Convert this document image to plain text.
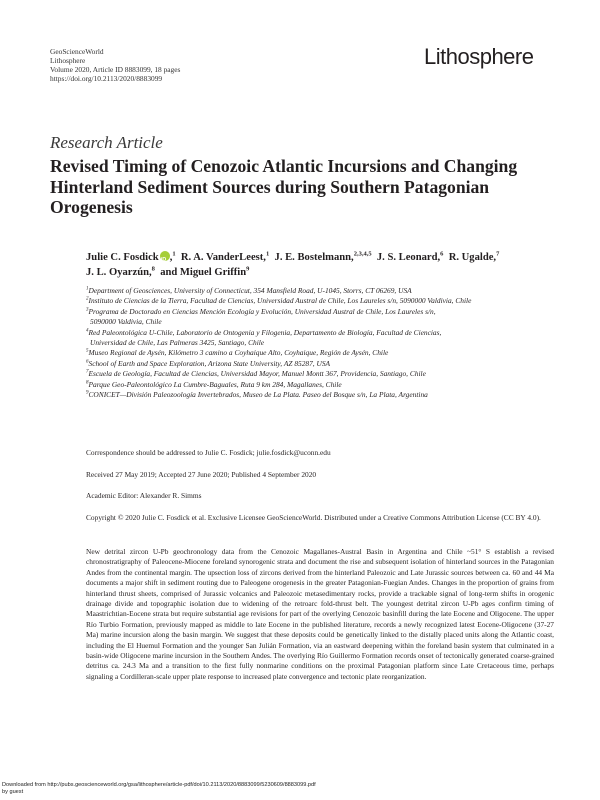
GeoScienceWorld
Lithosphere
Volume 2020, Article ID 8883099, 18 pages
https://doi.org/10.2113/2020/8883099
Lithosphere
Research Article
Revised Timing of Cenozoic Atlantic Incursions and Changing Hinterland Sediment Sources during Southern Patagonian Orogenesis
Julie C. FosdickiD ,$^1$ R. A. VanderLeest,$^1$ J. E. Bostelmann,$^{2,3,4,5}$ J. S. Leonard,$^6$ R. Ugalde,$^7$
J. L. Oyarzún,$^8$ and Miguel Griffin$^9$
$^1$Department of Geosciences, University of Connecticut, 354 Mansfield Road, U-1045, Storrs, CT 06269, USA
$^2$Instituto de Ciencias de la Tierra, Facultad de Ciencias, Universidad Austral de Chile, Los Laureles s/n, 5090000 Valdivia, Chile
$^3$Programa de Doctorado en Ciencias Mención Ecología y Evolución, Universidad Austral de Chile, Los Laureles s/n,
5090000 Valdivia, Chile
$^4$Red Paleontológica U-Chile, Laboratorio de Ontogenia y Filogenia, Departamento de Biología, Facultad de Ciencias,
Universidad de Chile, Las Palmeras 3425, Santiago, Chile
$^5$Museo Regional de Aysén, Kilómetro 3 camino a Coyhaique Alto, Coyhaique, Región de Aysén, Chile
$^6$School of Earth and Space Exploration, Arizona State University, AZ 85287, USA
$^7$Escuela de Geología, Facultad de Ciencias, Universidad Mayor, Manuel Montt 367, Providencia, Santiago, Chile
$^8$Parque Geo-Paleontológico La Cumbre-Baguales, Ruta 9 km 284, Magallanes, Chile
$^9$CONICET—División Paleozoología Invertebrados, Museo de La Plata. Paseo del Bosque s/n, La Plata, Argentina
Correspondence should be addressed to Julie C. Fosdick; julie.fosdick@uconn.edu
Received 27 May 2019; Accepted 27 June 2020; Published 4 September 2020
Academic Editor: Alexander R. Simms
Copyright © 2020 Julie C. Fosdick et al. Exclusive Licensee GeoScienceWorld. Distributed under a Creative Commons Attribution License (CC BY 4.0).
New detrital zircon U-Pb geochronology data from the Cenozoic Magallanes-Austral Basin in Argentina and Chile ~51° S establish a revised chronostratigraphy of Paleocene-Miocene foreland synorogenic strata and document the rise and subsequent isolation of hinterland sources in the Patagonian Andes from the continental margin. The upsection loss of zircons derived from the hinterland Paleozoic and Late Jurassic sources between ca. 60 and 44 Ma documents a major shift in sediment routing due to Paleogene orogenesis in the greater Patagonian-Fuegian Andes. Changes in the proportion of grains from hinterland thrust sheets, comprised of Jurassic volcanics and Paleozoic metasedimentary rocks, provide a trackable signal of long-term shifts in orogenic drainage divide and topographic isolation due to widening of the retroarc fold-thrust belt. The youngest detrital zircon U-Pb ages confirm timing of Maastrichtian-Eocene strata but require substantial age revisions for part of the overlying Cenozoic basinfill during the late Eocene and Oligocene. The upper Río Turbio Formation, previously mapped as middle to late Eocene in the published literature, records a newly recognized latest Eocene-Oligocene (37-27 Ma) marine incursion along the basin margin. We suggest that these deposits could be genetically linked to the distally placed units along the Atlantic coast, including the El Huemul Formation and the younger San Julián Formation, via an eastward deepening within the foreland basin system that culminated in a basin-wide Oligocene marine incursion in the Southern Andes. The overlying Río Guillermo Formation records onset of tectonically generated coarse-grained detritus ca. 24.3 Ma and a transition to the first fully nonmarine conditions on the proximal Patagonian platform since Late Cretaceous time, perhaps signaling a Cordilleran-scale upper plate response to increased plate convergence and tectonic plate reorganization.
Downloaded from http://pubs.geoscienceworld.org/gsa/lithosphere/article-pdf/doi/10.2113/2020/8883099/5230609/8883099.pdf
by guest
